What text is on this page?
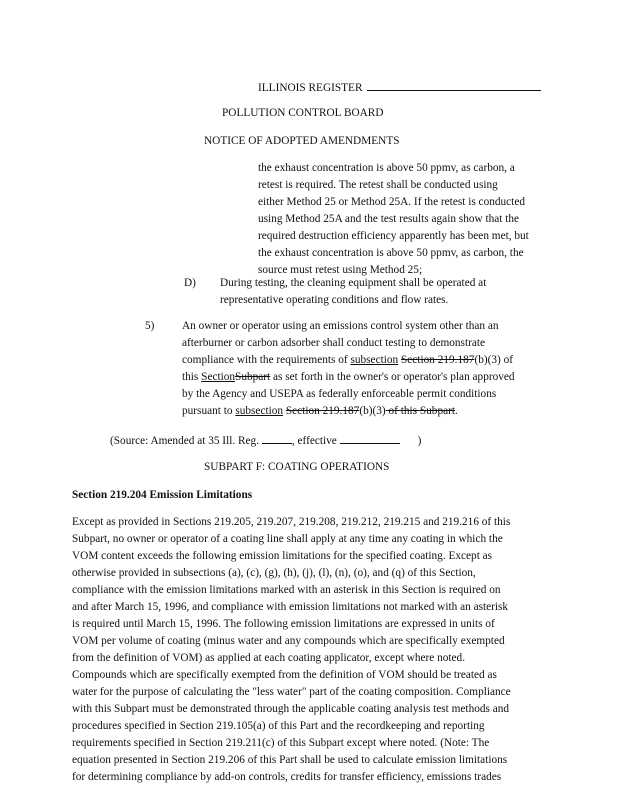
ILLINOIS REGISTER
POLLUTION CONTROL BOARD
NOTICE OF ADOPTED AMENDMENTS
the exhaust concentration is above 50 ppmv, as carbon, a
retest is required. The retest shall be conducted using
either Method 25 or Method 25A. If the retest is conducted
using Method 25A and the test results again show that the
required destruction efficiency apparently has been met, but
the exhaust concentration is above 50 ppmv, as carbon, the
source must retest using Method 25;
D) During testing, the cleaning equipment shall be operated at
representative operating conditions and flow rates.
5) An owner or operator using an emissions control system other than an
afterburner or carbon adsorber shall conduct testing to demonstrate
compliance with the requirements of subsection Section 219.187(b)(3) of
this SectionSubpart as set forth in the owner's or operator's plan approved
by the Agency and USEPA as federally enforceable permit conditions
pursuant to subsection Section 219.187(b)(3) of this Subpart.
(Source: Amended at 35 Ill. Reg.	, effective	)
SUBPART F: COATING OPERATIONS
Section 219.204 Emission Limitations
Except as provided in Sections 219.205, 219.207, 219.208, 219.212, 219.215 and 219.216 of this
Subpart, no owner or operator of a coating line shall apply at any time any coating in which the
VOM content exceeds the following emission limitations for the specified coating. Except as
otherwise provided in subsections (a), (c), (g), (h), (j), (l), (n), (o), and (q) of this Section,
compliance with the emission limitations marked with an asterisk in this Section is required on
and after March 15, 1996, and compliance with emission limitations not marked with an asterisk
is required until March 15, 1996. The following emission limitations are expressed in units of
VOM per volume of coating (minus water and any compounds which are specifically exempted
from the definition of VOM) as applied at each coating applicator, except where noted.
Compounds which are specifically exempted from the definition of VOM should be treated as
water for the purpose of calculating the "less water" part of the coating composition. Compliance
with this Subpart must be demonstrated through the applicable coating analysis test methods and
procedures specified in Section 219.105(a) of this Part and the recordkeeping and reporting
requirements specified in Section 219.211(c) of this Subpart except where noted. (Note: The
equation presented in Section 219.206 of this Part shall be used to calculate emission limitations
for determining compliance by add-on controls, credits for transfer efficiency, emissions trades
